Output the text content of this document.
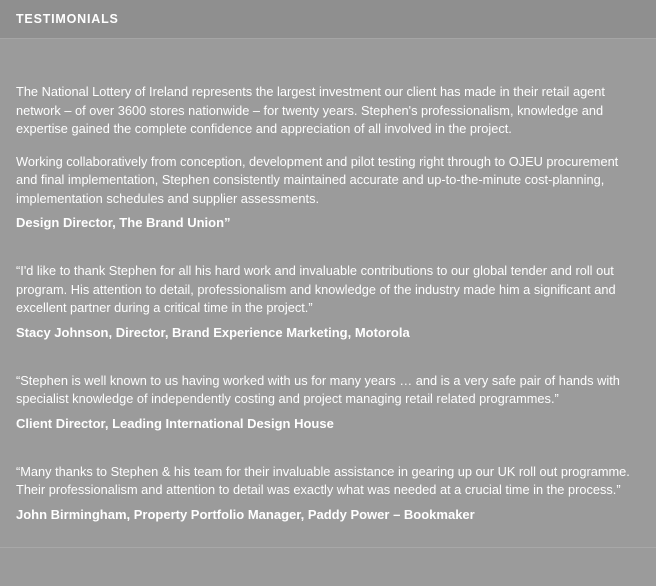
TESTIMONIALS

The National Lottery of Ireland represents the largest investment our client has made in their retail agent network – of over 3600 stores nationwide – for twenty years. Stephen's professionalism, knowledge and expertise gained the complete confidence and appreciation of all involved in the project.

Working collaboratively from conception, development and pilot testing right through to OJEU procurement and final implementation, Stephen consistently maintained accurate and up-to-the-minute cost-planning, implementation schedules and supplier assessments.

Design Director, The Brand Union”

“I'd like to thank Stephen for all his hard work and invaluable contributions to our global tender and roll out program. His attention to detail, professionalism and knowledge of the industry made him a significant and excellent partner during a critical time in the project.”

Stacy Johnson, Director, Brand Experience Marketing, Motorola

“Stephen is well known to us having worked with us for many years … and is a very safe pair of hands with specialist knowledge of independently costing and project managing retail related programmes.”

Client Director, Leading International Design House

“Many thanks to Stephen & his team for their invaluable assistance in gearing up our UK roll out programme. Their professionalism and attention to detail was exactly what was needed at a crucial time in the process.”

John Birmingham, Property Portfolio Manager, Paddy Power – Bookmaker
